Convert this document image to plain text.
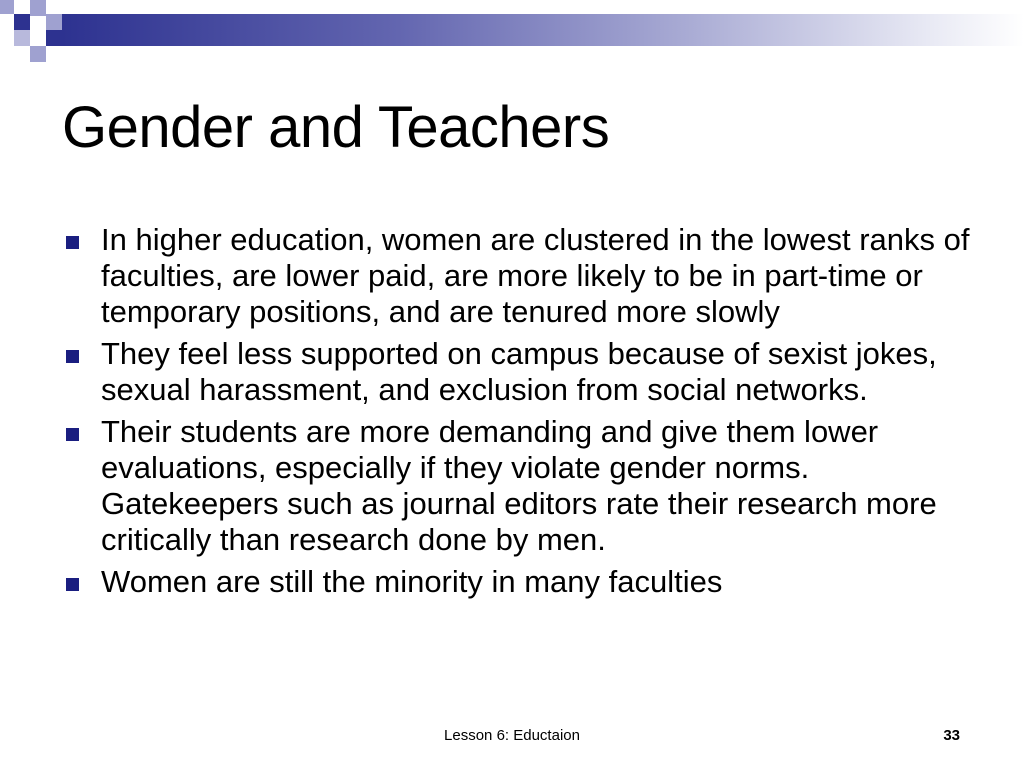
Gender and Teachers
In higher education, women are clustered in the lowest ranks of faculties, are lower paid, are more likely to be in part-time or temporary positions, and are tenured more slowly
They feel less supported on campus because of sexist jokes, sexual harassment, and exclusion from social networks.
Their students are more demanding and give them lower evaluations, especially if they violate gender norms. Gatekeepers such as journal editors rate their research more critically than research done by men.
Women are still the minority in many faculties
Lesson 6: Eductaion	33
